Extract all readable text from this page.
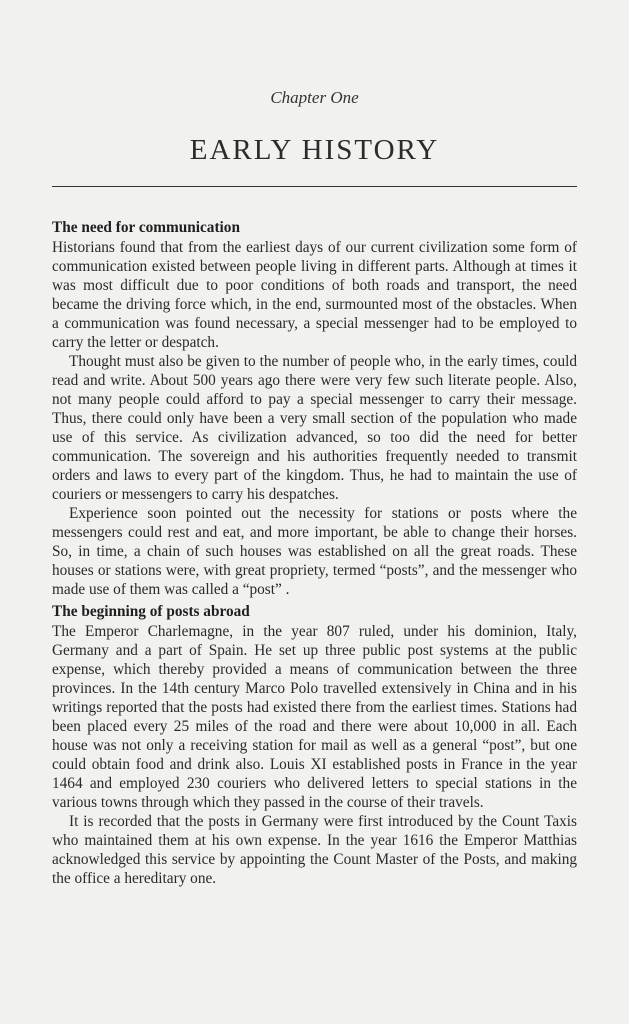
Chapter One
EARLY HISTORY
The need for communication

Historians found that from the earliest days of our current civilization some form of communication existed between people living in different parts. Although at times it was most difficult due to poor conditions of both roads and transport, the need became the driving force which, in the end, surmounted most of the obstacles. When a communication was found necessary, a special messenger had to be employed to carry the letter or despatch.

Thought must also be given to the number of people who, in the early times, could read and write. About 500 years ago there were very few such literate people. Also, not many people could afford to pay a special messenger to carry their message. Thus, there could only have been a very small section of the population who made use of this service. As civilization advanced, so too did the need for better communication. The sovereign and his authorities frequently needed to transmit orders and laws to every part of the kingdom. Thus, he had to maintain the use of couriers or messengers to carry his despatches.

Experience soon pointed out the necessity for stations or posts where the messengers could rest and eat, and more important, be able to change their horses. So, in time, a chain of such houses was established on all the great roads. These houses or stations were, with great propriety, termed “posts”, and the messenger who made use of them was called a “post” .

The beginning of posts abroad

The Emperor Charlemagne, in the year 807 ruled, under his dominion, Italy, Germany and a part of Spain. He set up three public post systems at the public expense, which thereby provided a means of communication between the three provinces. In the 14th century Marco Polo travelled extensively in China and in his writings reported that the posts had existed there from the earliest times. Stations had been placed every 25 miles of the road and there were about 10,000 in all. Each house was not only a receiving station for mail as well as a general “post”, but one could obtain food and drink also. Louis XI established posts in France in the year 1464 and employed 230 couriers who delivered letters to special stations in the various towns through which they passed in the course of their travels.

It is recorded that the posts in Germany were first introduced by the Count Taxis who maintained them at his own expense. In the year 1616 the Emperor Matthias acknowledged this service by appointing the Count Master of the Posts, and making the office a hereditary one.
